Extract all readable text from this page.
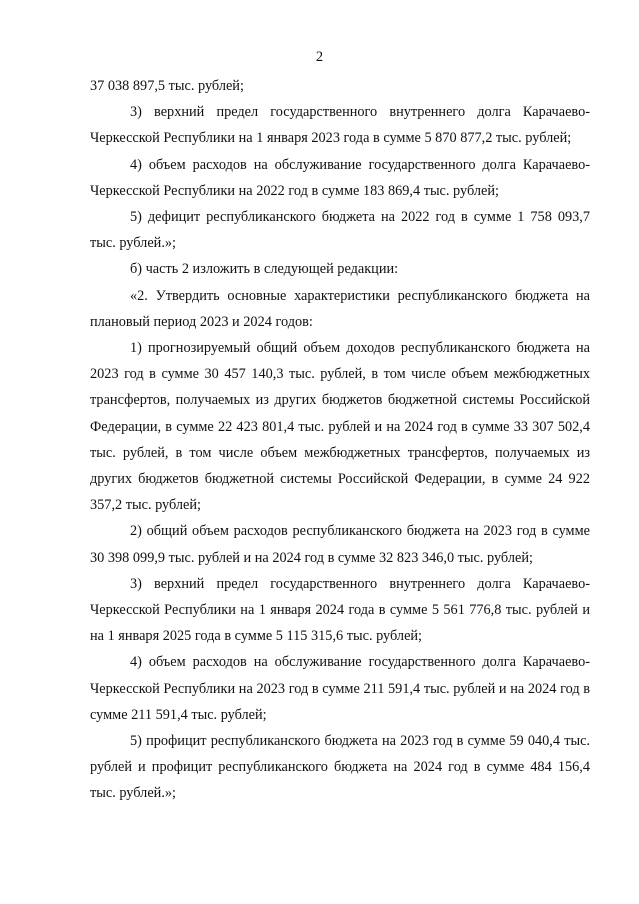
2

37 038 897,5 тыс. рублей;

3) верхний предел государственного внутреннего долга Карачаево-Черкесской Республики на 1 января 2023 года в сумме 5 870 877,2 тыс. рублей;

4) объем расходов на обслуживание государственного долга Карачаево-Черкесской Республики на 2022 год в сумме 183 869,4 тыс. рублей;

5) дефицит республиканского бюджета на 2022 год в сумме 1 758 093,7 тыс. рублей.»;

б) часть 2 изложить в следующей редакции:

«2. Утвердить основные характеристики республиканского бюджета на плановый период 2023 и 2024 годов:

1) прогнозируемый общий объем доходов республиканского бюджета на 2023 год в сумме 30 457 140,3 тыс. рублей, в том числе объем межбюджетных трансфертов, получаемых из других бюджетов бюджетной системы Российской Федерации, в сумме 22 423 801,4 тыс. рублей и на 2024 год в сумме 33 307 502,4 тыс. рублей, в том числе объем межбюджетных трансфертов, получаемых из других бюджетов бюджетной системы Российской Федерации, в сумме 24 922 357,2 тыс. рублей;

2) общий объем расходов республиканского бюджета на 2023 год в сумме 30 398 099,9 тыс. рублей и на 2024 год в сумме 32 823 346,0 тыс. рублей;

3) верхний предел государственного внутреннего долга Карачаево-Черкесской Республики на 1 января 2024 года в сумме 5 561 776,8 тыс. рублей и на 1 января 2025 года в сумме 5 115 315,6 тыс. рублей;

4) объем расходов на обслуживание государственного долга Карачаево-Черкесской Республики на 2023 год в сумме 211 591,4 тыс. рублей и на 2024 год в сумме 211 591,4 тыс. рублей;

5) профицит республиканского бюджета на 2023 год в сумме 59 040,4 тыс. рублей и профицит республиканского бюджета на 2024 год в сумме 484 156,4 тыс. рублей.»;
